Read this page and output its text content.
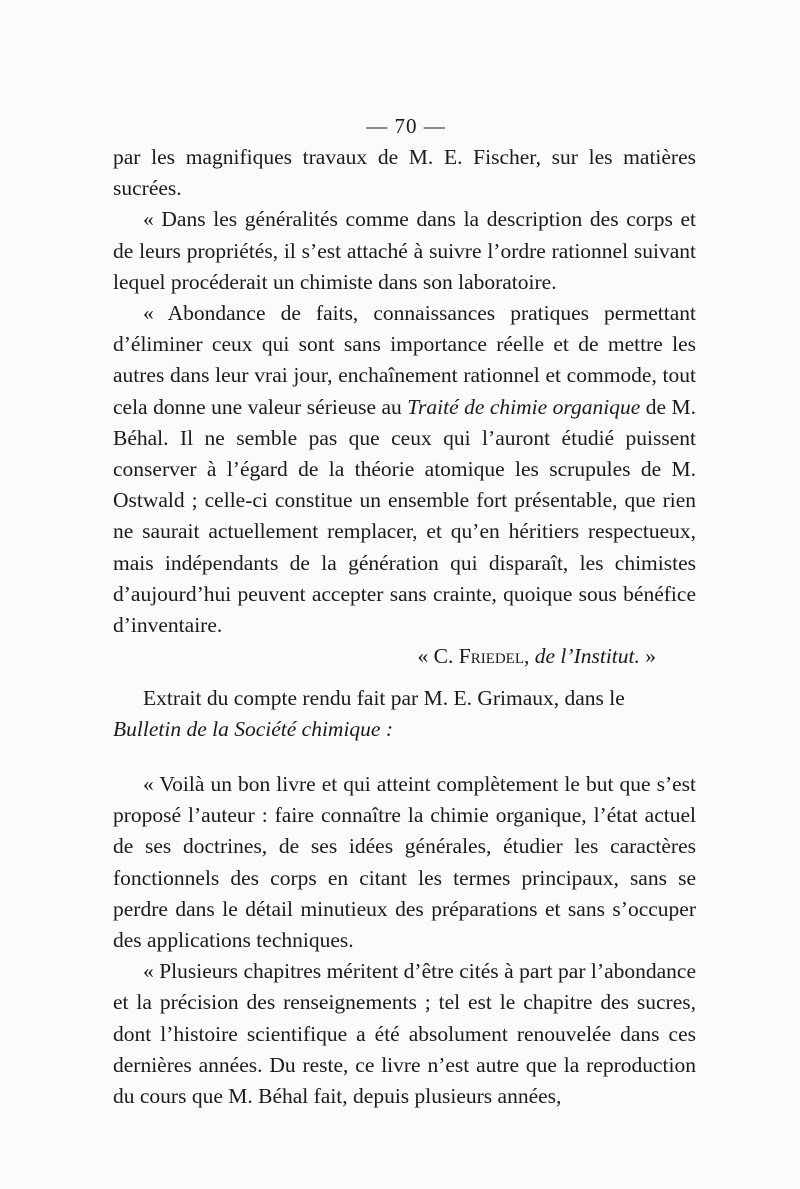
— 70 —

par les magnifiques travaux de M. E. Fischer, sur les matières sucrées.

« Dans les généralités comme dans la description des corps et de leurs propriétés, il s’est attaché à suivre l’ordre rationnel suivant lequel procéderait un chimiste dans son laboratoire.

« Abondance de faits, connaissances pratiques permettant d’éliminer ceux qui sont sans importance réelle et de mettre les autres dans leur vrai jour, enchaînement rationnel et commode, tout cela donne une valeur sérieuse au Traité de chimie organique de M. Béhal. Il ne semble pas que ceux qui l’auront étudié puissent conserver à l’égard de la théorie atomique les scrupules de M. Ostwald ; celle-ci constitue un ensemble fort présentable, que rien ne saurait actuellement remplacer, et qu’en héritiers respectueux, mais indépendants de la génération qui disparaît, les chimistes d’aujourd’hui peuvent accepter sans crainte, quoique sous bénéfice d’inventaire.

« C. Friedel, de l’Institut. »

Extrait du compte rendu fait par M. E. Grimaux, dans le

Bulletin de la Société chimique :

« Voilà un bon livre et qui atteint complètement le but que s’est proposé l’auteur : faire connaître la chimie organique, l’état actuel de ses doctrines, de ses idées générales, étudier les caractères fonctionnels des corps en citant les termes principaux, sans se perdre dans le détail minutieux des préparations et sans s’occuper des applications techniques.

« Plusieurs chapitres méritent d’être cités à part par l’abondance et la précision des renseignements ; tel est le chapitre des sucres, dont l’histoire scientifique a été absolument renouvelée dans ces dernières années. Du reste, ce livre n’est autre que la reproduction du cours que M. Béhal fait, depuis plusieurs années,
